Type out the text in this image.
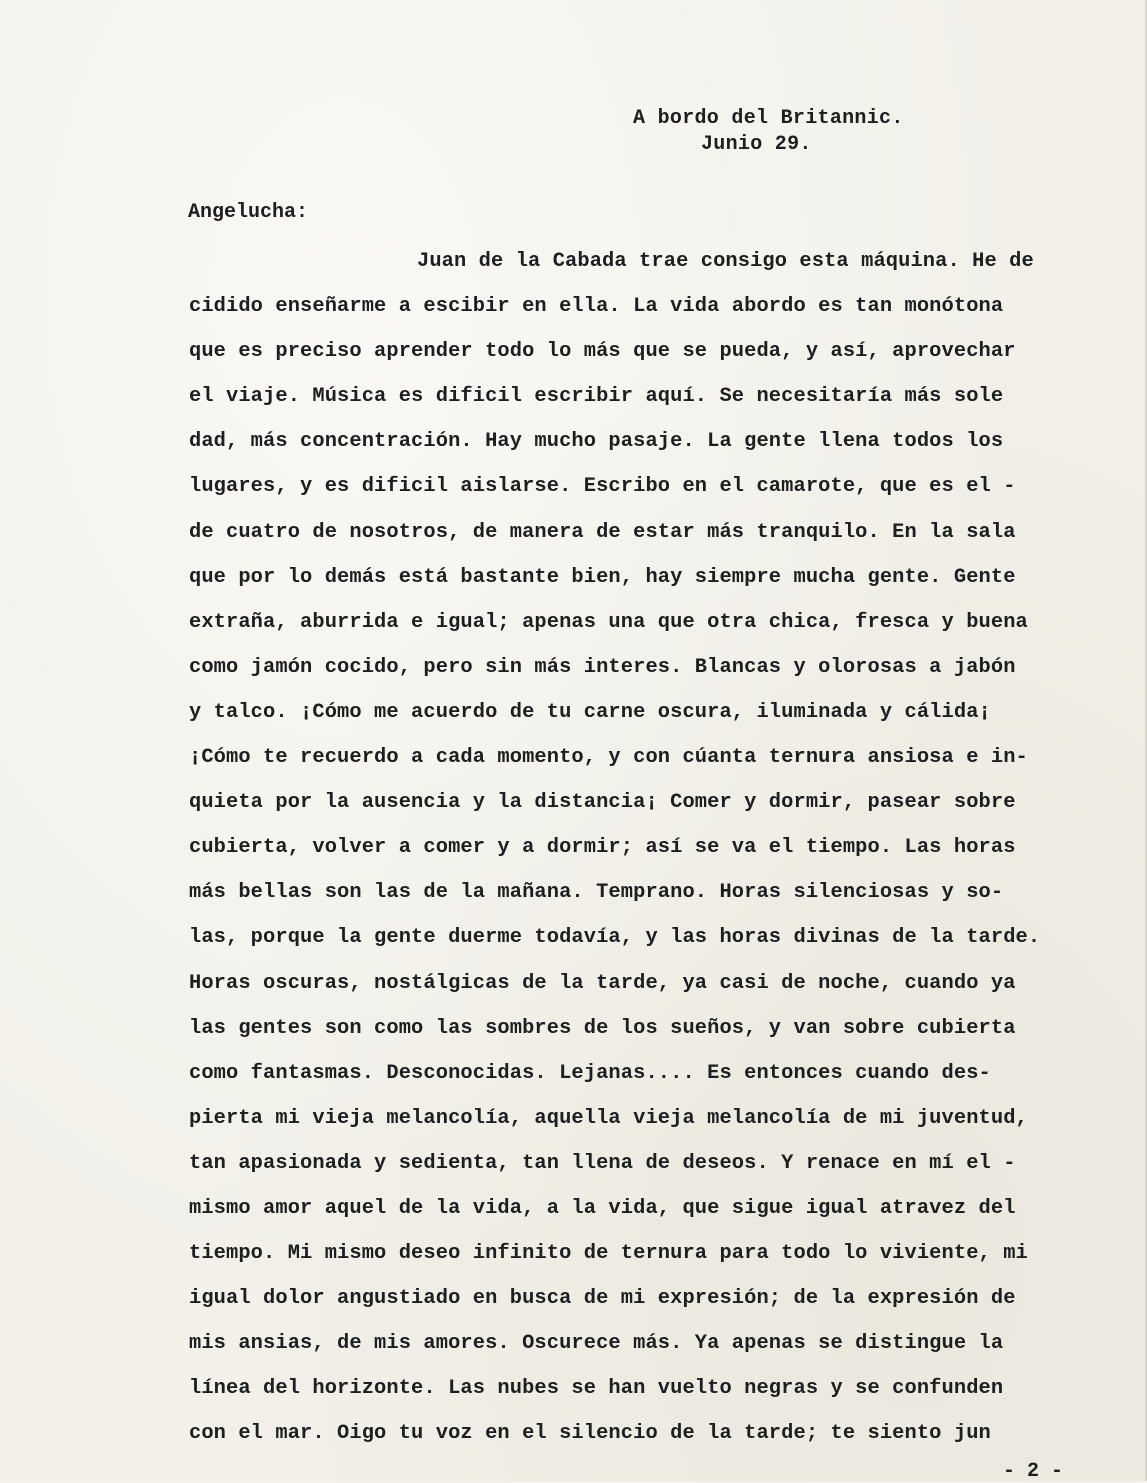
A bordo del Britannic.
Junio 29.
Angelucha:
Juan de la Cabada trae consigo esta máquina. He de
cidido enseñarme a escibir en ella. La vida abordo es tan monótona
que es preciso aprender todo lo más que se pueda, y así, aprovechar
el viaje. Música es dificil escribir aquí. Se necesitaría más sole
dad, más concentración. Hay mucho pasaje. La gente llena todos los
lugares, y es dificil aislarse. Escribo en el camarote, que es el -
de cuatro de nosotros, de manera de estar más tranquilo. En la sala
que por lo demás está bastante bien, hay siempre mucha gente. Gente
extraña, aburrida e igual; apenas una que otra chica, fresca y buena
como jamón cocido, pero sin más interes. Blancas y olorosas a jabón
y talco. ¡Cómo me acuerdo de tu carne oscura, iluminada y cálida¡
¡Cómo te recuerdo a cada momento, y con cúanta ternura ansiosa e in-
quieta por la ausencia y la distancia¡ Comer y dormir, pasear sobre
cubierta, volver a comer y a dormir; así se va el tiempo. Las horas
más bellas son las de la mañana. Temprano. Horas silenciosas y so-
las, porque la gente duerme todavía, y las horas divinas de la tarde.
Horas oscuras, nostálgicas de la tarde, ya casi de noche, cuando ya
las gentes son como las sombres de los sueños, y van sobre cubierta
como fantasmas. Desconocidas. Lejanas.... Es entonces cuando des-
pierta mi vieja melancolía, aquella vieja melancolía de mi juventud,
tan apasionada y sedienta, tan llena de deseos. Y renace en mí el -
mismo amor aquel de la vida, a la vida, que sigue igual atravez del
tiempo. Mi mismo deseo infinito de ternura para todo lo viviente, mi
igual dolor angustiado en busca de mi expresión; de la expresión de
mis ansias, de mis amores. Oscurece más. Ya apenas se distingue la
línea del horizonte. Las nubes se han vuelto negras y se confunden
con el mar. Oigo tu voz en el silencio de la tarde; te siento jun
- 2 -
